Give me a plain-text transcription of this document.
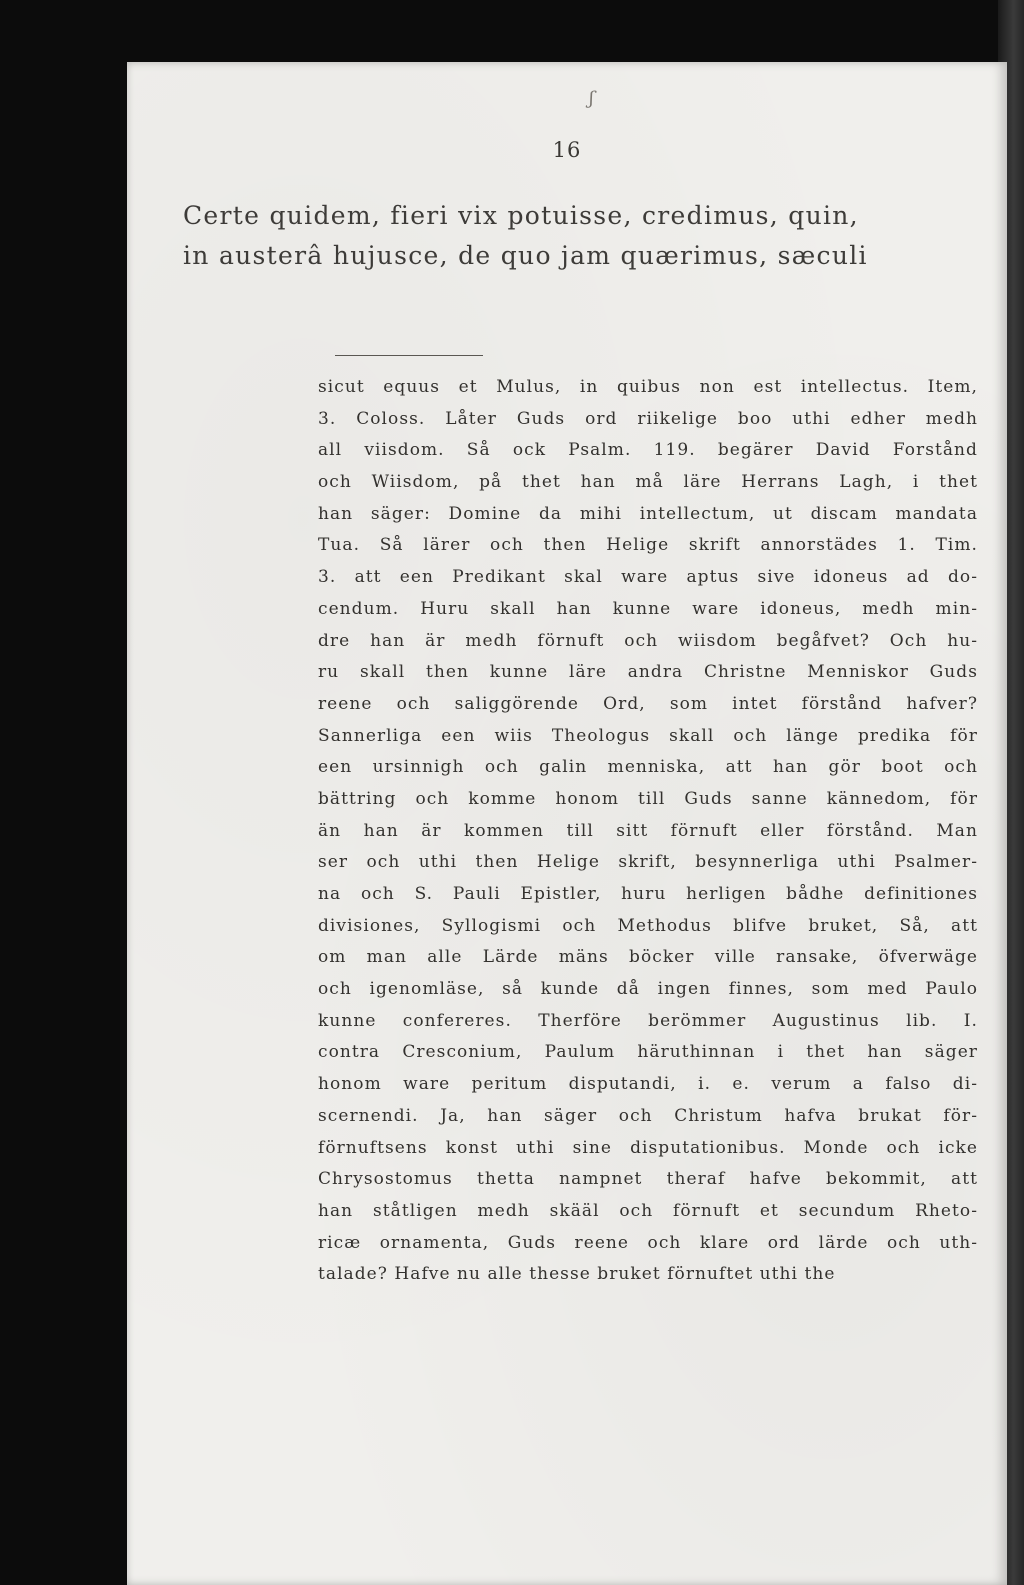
ʃ
16

Certe quidem, fieri vix potuisse, credimus, quin,
in austerâ hujusce, de quo jam quærimus, sæculi

sicut equus et Mulus, in quibus non est intellectus. Item,
3. Coloss. Låter Guds ord riikelige boo uthi edher medh
all viisdom. Så ock Psalm. 119. begärer David Forstånd
och Wiisdom, på thet han må läre Herrans Lagh, i thet
han säger: Domine da mihi intellectum, ut discam mandata
Tua. Så lärer och then Helige skrift annorstädes 1. Tim.
3. att een Predikant skal ware aptus sive idoneus ad do-
cendum. Huru skall han kunne ware idoneus, medh min-
dre han är medh förnuft och wiisdom begåfvet? Och hu-
ru skall then kunne läre andra Christne Menniskor Guds
reene och saliggörende Ord, som intet förstånd hafver?
Sannerliga een wiis Theologus skall och länge predika för
een ursinnigh och galin menniska, att han gör boot och
bättring och komme honom till Guds sanne kännedom, för
än han är kommen till sitt förnuft eller förstånd. Man
ser och uthi then Helige skrift, besynnerliga uthi Psalmer-
na och S. Pauli Epistler, huru herligen bådhe definitiones
divisiones, Syllogismi och Methodus blifve bruket, Så, att
om man alle Lärde mäns böcker ville ransake, öfverwäge
och igenomläse, så kunde då ingen finnes, som med Paulo
kunne confereres. Therföre berömmer Augustinus lib. I.
contra Cresconium, Paulum häruthinnan i thet han säger
honom ware peritum disputandi, i. e. verum a falso di-
scernendi. Ja, han säger och Christum hafva brukat för-
förnuftsens konst uthi sine disputationibus. Monde och icke
Chrysostomus thetta nampnet theraf hafve bekommit, att
han ståtligen medh skääl och förnuft et secundum Rheto-
ricæ ornamenta, Guds reene och klare ord lärde och uth-
talade? Hafve nu alle thesse bruket förnuftet uthi the
